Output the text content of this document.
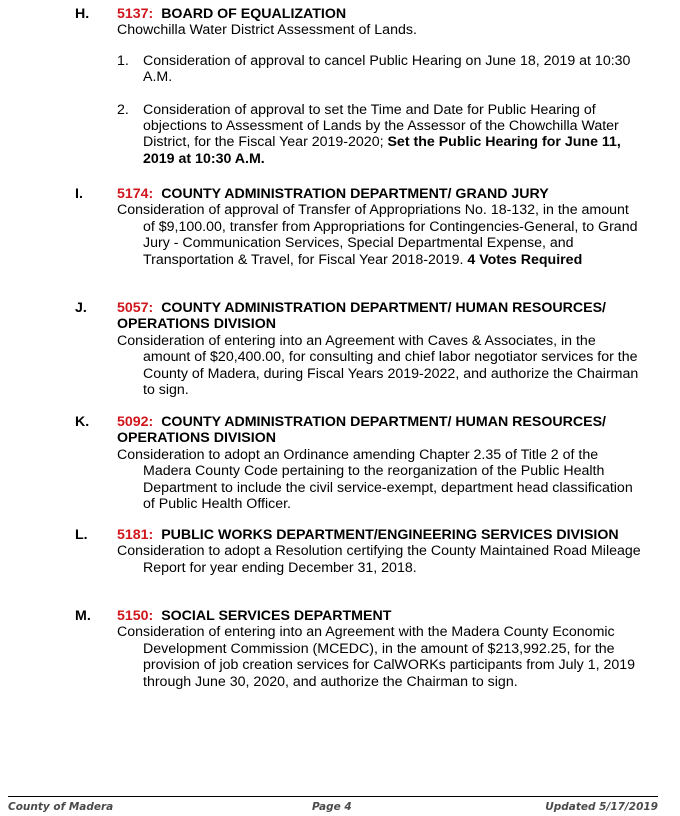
H. 5137: BOARD OF EQUALIZATION
Chowchilla Water District Assessment of Lands.
1. Consideration of approval to cancel Public Hearing on June 18, 2019 at 10:30 A.M.
2. Consideration of approval to set the Time and Date for Public Hearing of objections to Assessment of Lands by the Assessor of the Chowchilla Water District, for the Fiscal Year 2019-2020; Set the Public Hearing for June 11, 2019 at 10:30 A.M.
I. 5174: COUNTY ADMINISTRATION DEPARTMENT/ GRAND JURY
Consideration of approval of Transfer of Appropriations No. 18-132, in the amount of $9,100.00, transfer from Appropriations for Contingencies-General, to Grand Jury - Communication Services, Special Departmental Expense, and Transportation & Travel, for Fiscal Year 2018-2019. 4 Votes Required
J. 5057: COUNTY ADMINISTRATION DEPARTMENT/ HUMAN RESOURCES/ OPERATIONS DIVISION
Consideration of entering into an Agreement with Caves & Associates, in the amount of $20,400.00, for consulting and chief labor negotiator services for the County of Madera, during Fiscal Years 2019-2022, and authorize the Chairman to sign.
K. 5092: COUNTY ADMINISTRATION DEPARTMENT/ HUMAN RESOURCES/ OPERATIONS DIVISION
Consideration to adopt an Ordinance amending Chapter 2.35 of Title 2 of the Madera County Code pertaining to the reorganization of the Public Health Department to include the civil service-exempt, department head classification of Public Health Officer.
L. 5181: PUBLIC WORKS DEPARTMENT/ENGINEERING SERVICES DIVISION
Consideration to adopt a Resolution certifying the County Maintained Road Mileage Report for year ending December 31, 2018.
M. 5150: SOCIAL SERVICES DEPARTMENT
Consideration of entering into an Agreement with the Madera County Economic Development Commission (MCEDC), in the amount of $213,992.25, for the provision of job creation services for CalWORKs participants from July 1, 2019 through June 30, 2020, and authorize the Chairman to sign.
County of Madera	Page 4	Updated 5/17/2019
